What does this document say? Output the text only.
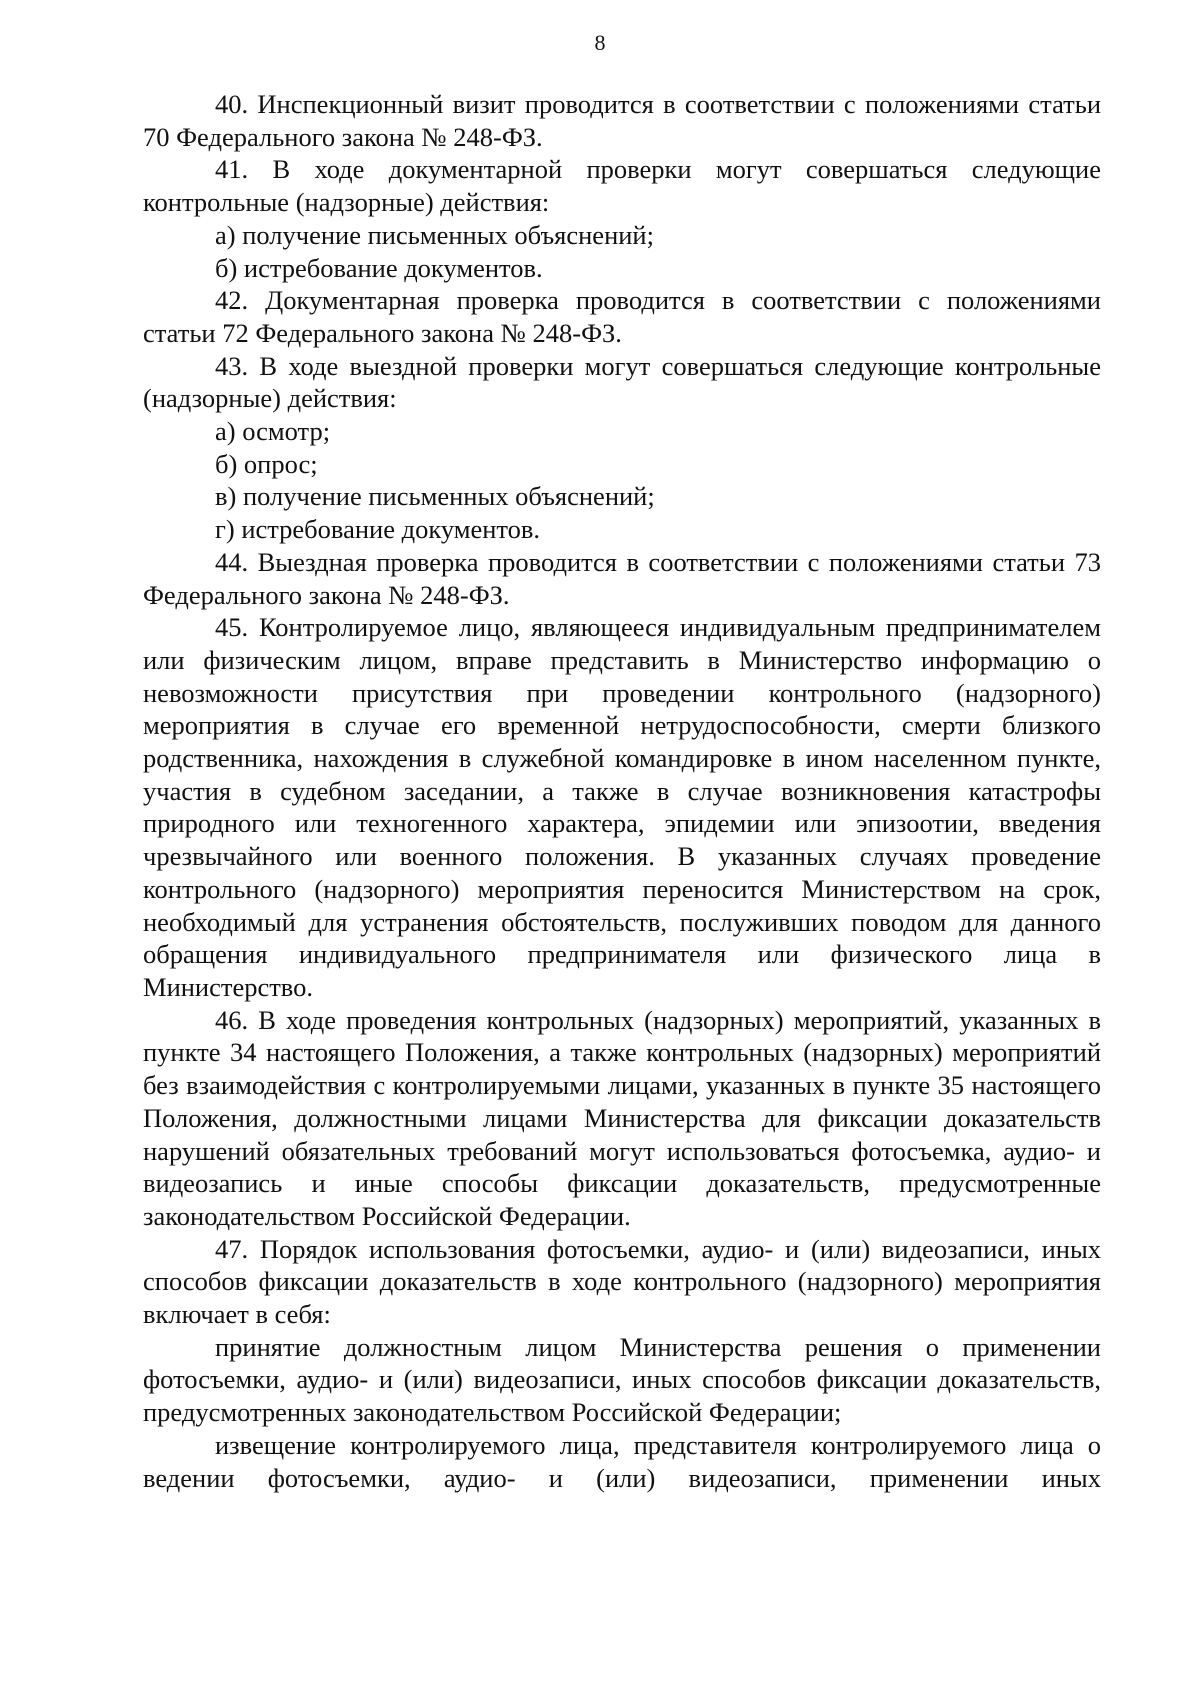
8

40. Инспекционный визит проводится в соответствии с положениями статьи 70 Федерального закона № 248-ФЗ.

41. В ходе документарной проверки могут совершаться следующие контрольные (надзорные) действия:

а) получение письменных объяснений;

б) истребование документов.

42. Документарная проверка проводится в соответствии с положениями статьи 72 Федерального закона № 248-ФЗ.

43. В ходе выездной проверки могут совершаться следующие контрольные (надзорные) действия:

а) осмотр;

б) опрос;

в) получение письменных объяснений;

г) истребование документов.

44. Выездная проверка проводится в соответствии с положениями статьи 73 Федерального закона № 248-ФЗ.

45. Контролируемое лицо, являющееся индивидуальным предпринимателем или физическим лицом, вправе представить в Министерство информацию о невозможности присутствия при проведении контрольного (надзорного) мероприятия в случае его временной нетрудоспособности, смерти близкого родственника, нахождения в служебной командировке в ином населенном пункте, участия в судебном заседании, а также в случае возникновения катастрофы природного или техногенного характера, эпидемии или эпизоотии, введения чрезвычайного или военного положения. В указанных случаях проведение контрольного (надзорного) мероприятия переносится Министерством на срок, необходимый для устранения обстоятельств, послуживших поводом для данного обращения индивидуального предпринимателя или физического лица в Министерство.

46. В ходе проведения контрольных (надзорных) мероприятий, указанных в пункте 34 настоящего Положения, а также контрольных (надзорных) мероприятий без взаимодействия с контролируемыми лицами, указанных в пункте 35 настоящего Положения, должностными лицами Министерства для фиксации доказательств нарушений обязательных требований могут использоваться фотосъемка, аудио- и видеозапись и иные способы фиксации доказательств, предусмотренные законодательством Российской Федерации.

47. Порядок использования фотосъемки, аудио- и (или) видеозаписи, иных способов фиксации доказательств в ходе контрольного (надзорного) мероприятия включает в себя:

принятие должностным лицом Министерства решения о применении фотосъемки, аудио- и (или) видеозаписи, иных способов фиксации доказательств, предусмотренных законодательством Российской Федерации;

извещение контролируемого лица, представителя контролируемого лица о ведении фотосъемки, аудио- и (или) видеозаписи, применении иных
